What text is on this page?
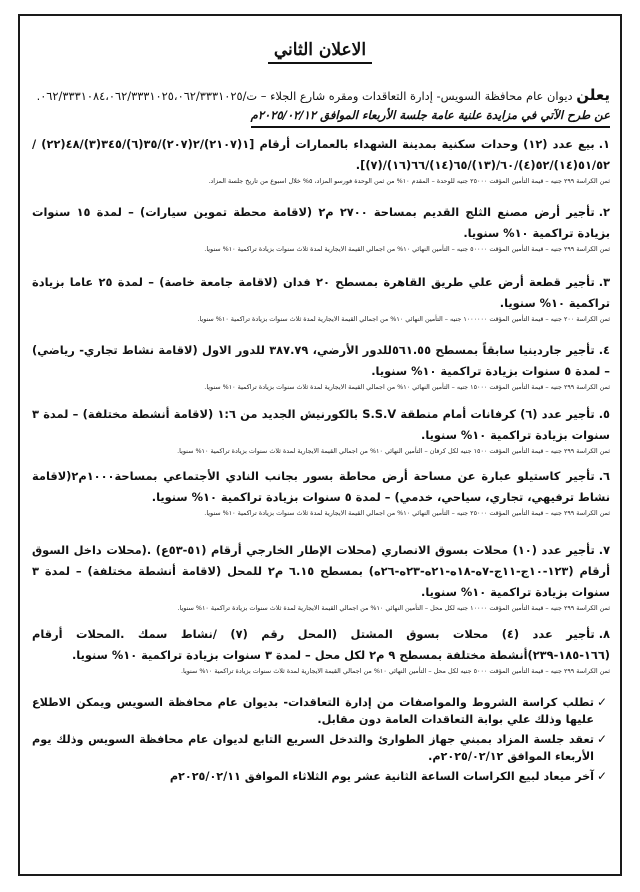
الاعلان الثاني
يعلن ديوان عام محافظة السويس- إدارة التعاقدات ومقره شارع الجلاء – ت/٠٦٢/٣٣٣١٠٨٤،٠٦٢/٣٣٣١٠٢٥،٠٦٢/٣٣٣١٠٢٥.
عن طرح الآتي في مزايدة علنية عامة جلسة الأربعاء الموافق ٢٠٢٥/٠٢/١٢م
١.بيع عدد (١٢) وحدات سكنية بمدينة الشهداء بالعمارات أرقام [١(٢١٠٧)/٢(٢٠٧)/٣٥(٦)/٣٤٥(٣)/٤٨(٢٢) /٥١/٥٢(١٤)/٥٢(٤)/٦٠/(١٣)/٦٥(١٤)/٦٦(١٦)/(٧)].
ثمن الكراسة ٢٩٩ جنيه – قيمة التأمين المؤقت ٢٥٠٠٠ جنيه للوحدة – المقدم ١٠% من ثمن الوحدة فورسو المزاد، ٥% خلال اسبوع من تاريخ جلسة المزاد.
٢.تأجير أرض مصنع الثلج القديم بمساحة ٢٧٠٠ م٢ (لاقامة محطة تموين سيارات) – لمدة ١٥ سنوات بزيادة تراكمية ١٠% سنويا.
ثمن الكراسة ٢٩٩ جنيه – قيمة التأمين المؤقت ٥٠٠٠٠ جنيه – التأمين النهائي ١٠% من اجمالي القيمة الايجارية لمدة ثلاث سنوات بزيادة تراكمية ١٠% سنويا.
٣.تأجير قطعة أرض علي طريق القاهرة بمسطح ٢٠ فدان (لاقامة جامعة خاصة) – لمدة ٢٥ عاما بزيادة تراكمية ١٠% سنويا.
ثمن الكراسة ٢٠٠ جنيه – قيمة التأمين المؤقت ١٠٠٠٠٠٠ جنيه – التأمين النهائي ١٠% من اجمالي القيمة الايجارية لمدة ثلاث سنوات بزيادة تراكمية ١٠% سنويا.
٤.تأجير جاردينيا سابقاً بمسطح ٥٦١.٥٥للدور الأرضي، ٣٨٧.٧٩ للدور الاول (لاقامة نشاط تجاري- رياضي) – لمدة ٥ سنوات بزيادة تراكمية ١٠% سنويا.
ثمن الكراسة ٢٩٩ جنيه – قيمة التأمين المؤقت ١٥٠٠٠ جنيه – التأمين النهائي ١٠% من اجمالي القيمة الايجارية لمدة ثلاث سنوات بزيادة تراكمية ١٠% سنويا.
٥.تأجير عدد (٦) كرفانات أمام منطقة S.S.V بالكورنيش الجديد من ١:٦ (لاقامة أنشطة مختلفة) – لمدة ٣ سنوات بزيادة تراكمية ١٠% سنويا.
ثمن الكراسة ٢٩٩ جنيه – قيمة التأمين المؤقت ١٥٠٠ جنيه لكل كرفان – التأمين النهائي ١٠% من اجمالي القيمة الايجارية لمدة ثلاث سنوات بزيادة تراكمية ١٠% سنويا.
٦.تأجير كاستيلو عبارة عن مساحة أرض محاطة بسور بجانب النادي الأجتماعي بمساحة١٠٠٠م٢(لاقامة نشاط ترفيهي، تجاري، سياحي، خدمي) – لمدة ٥ سنوات بزيادة تراكمية ١٠% سنويا.
ثمن الكراسة ٢٩٩ جنيه – قيمة التأمين المؤقت ٢٥٠٠٠ جنيه – التأمين النهائي ١٠% من اجمالي القيمة الايجارية لمدة ثلاث سنوات بزيادة تراكمية ١٠% سنويا.
٧.تأجير عدد (١٠) محلات بسوق الانصاري (محلات الإطار الخارجي أرقام (٥١-٥٣ع) .(محلات داخل السوق أرقام (١٢٣-١٠ج-١١ج-٧ه-١٨ه-٢١ه-٢٣ه-٢٦ه) بمسطح ٦.١٥ م٢ للمحل (لاقامة أنشطة مختلفة) – لمدة ٣ سنوات بزيادة تراكمية ١٠% سنويا.
ثمن الكراسة ٢٩٩ جنيه – قيمة التأمين المؤقت ١٠٠٠٠ جنيه لكل محل – التأمين النهائي ١٠% من اجمالي القيمة الايجارية لمدة ثلاث سنوات بزيادة تراكمية ١٠% سنويا.
٨.تأجير عدد (٤) محلات بسوق المشتل (المحل رقم (٧) /نشاط سمك .المحلات أرقام (١٦٦-١٨٥-٢٣٩)أنشطة مختلفة بمسطح ٩ م٢ لكل محل – لمدة ٣ سنوات بزيادة تراكمية ١٠% سنويا.
ثمن الكراسة ٢٩٩ جنيه – قيمة التأمين المؤقت ٥٠٠٠ جنيه لكل محل – التأمين النهائي ١٠% من اجمالي القيمة الايجارية لمدة ثلاث سنوات بزيادة تراكمية ١٠% سنويا.
✓
تطلب كراسة الشروط والمواصفات من إدارة التعاقدات- بديوان عام محافظة السويس ويمكن الاطلاع عليها وذلك علي بوابة التعاقدات العامة دون مقابل.
✓
تعقد جلسة المزاد بمبني جهاز الطوارئ والتدخل السريع التابع لديوان عام محافظة السويس وذلك يوم الأربعاء الموافق ٢٠٢٥/٠٢/١٢م.
✓
آخر ميعاد لبيع الكراسات الساعة الثانية عشر يوم الثلاثاء الموافق ٢٠٢٥/٠٢/١١م
